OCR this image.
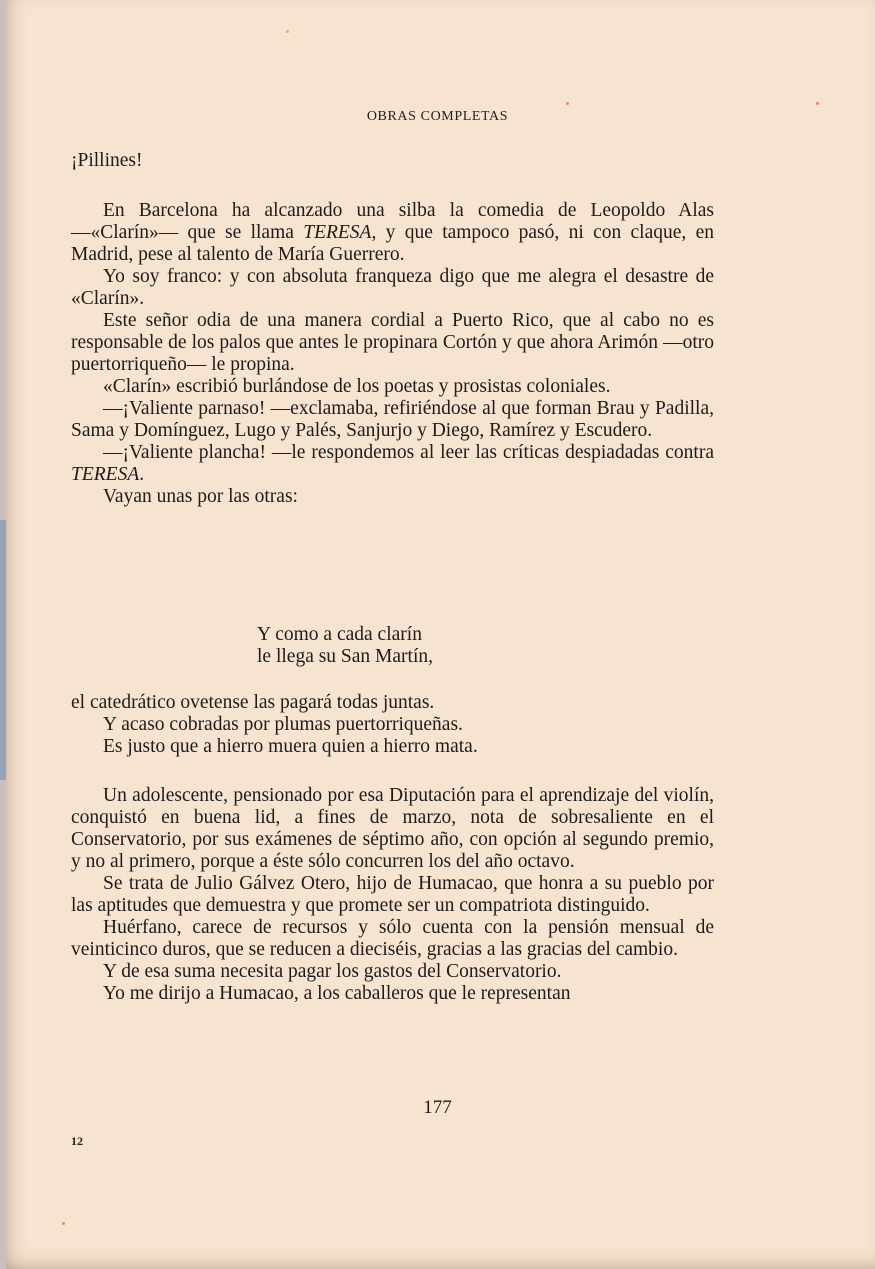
OBRAS COMPLETAS

¡Pillines!

En Barcelona ha alcanzado una silba la comedia de Leopoldo Alas —«Clarín»— que se llama TERESA, y que tampoco pasó, ni con claque, en Madrid, pese al talento de María Guerrero.

Yo soy franco: y con absoluta franqueza digo que me alegra el desastre de «Clarín».

Este señor odia de una manera cordial a Puerto Rico, que al cabo no es responsable de los palos que antes le propinara Cortón y que ahora Arimón —otro puertorriqueño— le propina.

«Clarín» escribió burlándose de los poetas y prosistas coloniales.

—¡Valiente parnaso! —exclamaba, refiriéndose al que forman Brau y Padilla, Sama y Domínguez, Lugo y Palés, Sanjurjo y Diego, Ramírez y Escudero.

—¡Valiente plancha! —le respondemos al leer las críticas despiadadas contra TERESA.

Vayan unas por las otras:

Y como a cada clarín
le llega su San Martín,

el catedrático ovetense las pagará todas juntas.

Y acaso cobradas por plumas puertorriqueñas.

Es justo que a hierro muera quien a hierro mata.

Un adolescente, pensionado por esa Diputación para el aprendizaje del violín, conquistó en buena lid, a fines de marzo, nota de sobresaliente en el Conservatorio, por sus exámenes de séptimo año, con opción al segundo premio, y no al primero, porque a éste sólo concurren los del año octavo.

Se trata de Julio Gálvez Otero, hijo de Humacao, que honra a su pueblo por las aptitudes que demuestra y que promete ser un compatriota distinguido.

Huérfano, carece de recursos y sólo cuenta con la pensión mensual de veinticinco duros, que se reducen a dieciséis, gracias a las gracias del cambio.

Y de esa suma necesita pagar los gastos del Conservatorio.

Yo me dirijo a Humacao, a los caballeros que le representan

177
12
